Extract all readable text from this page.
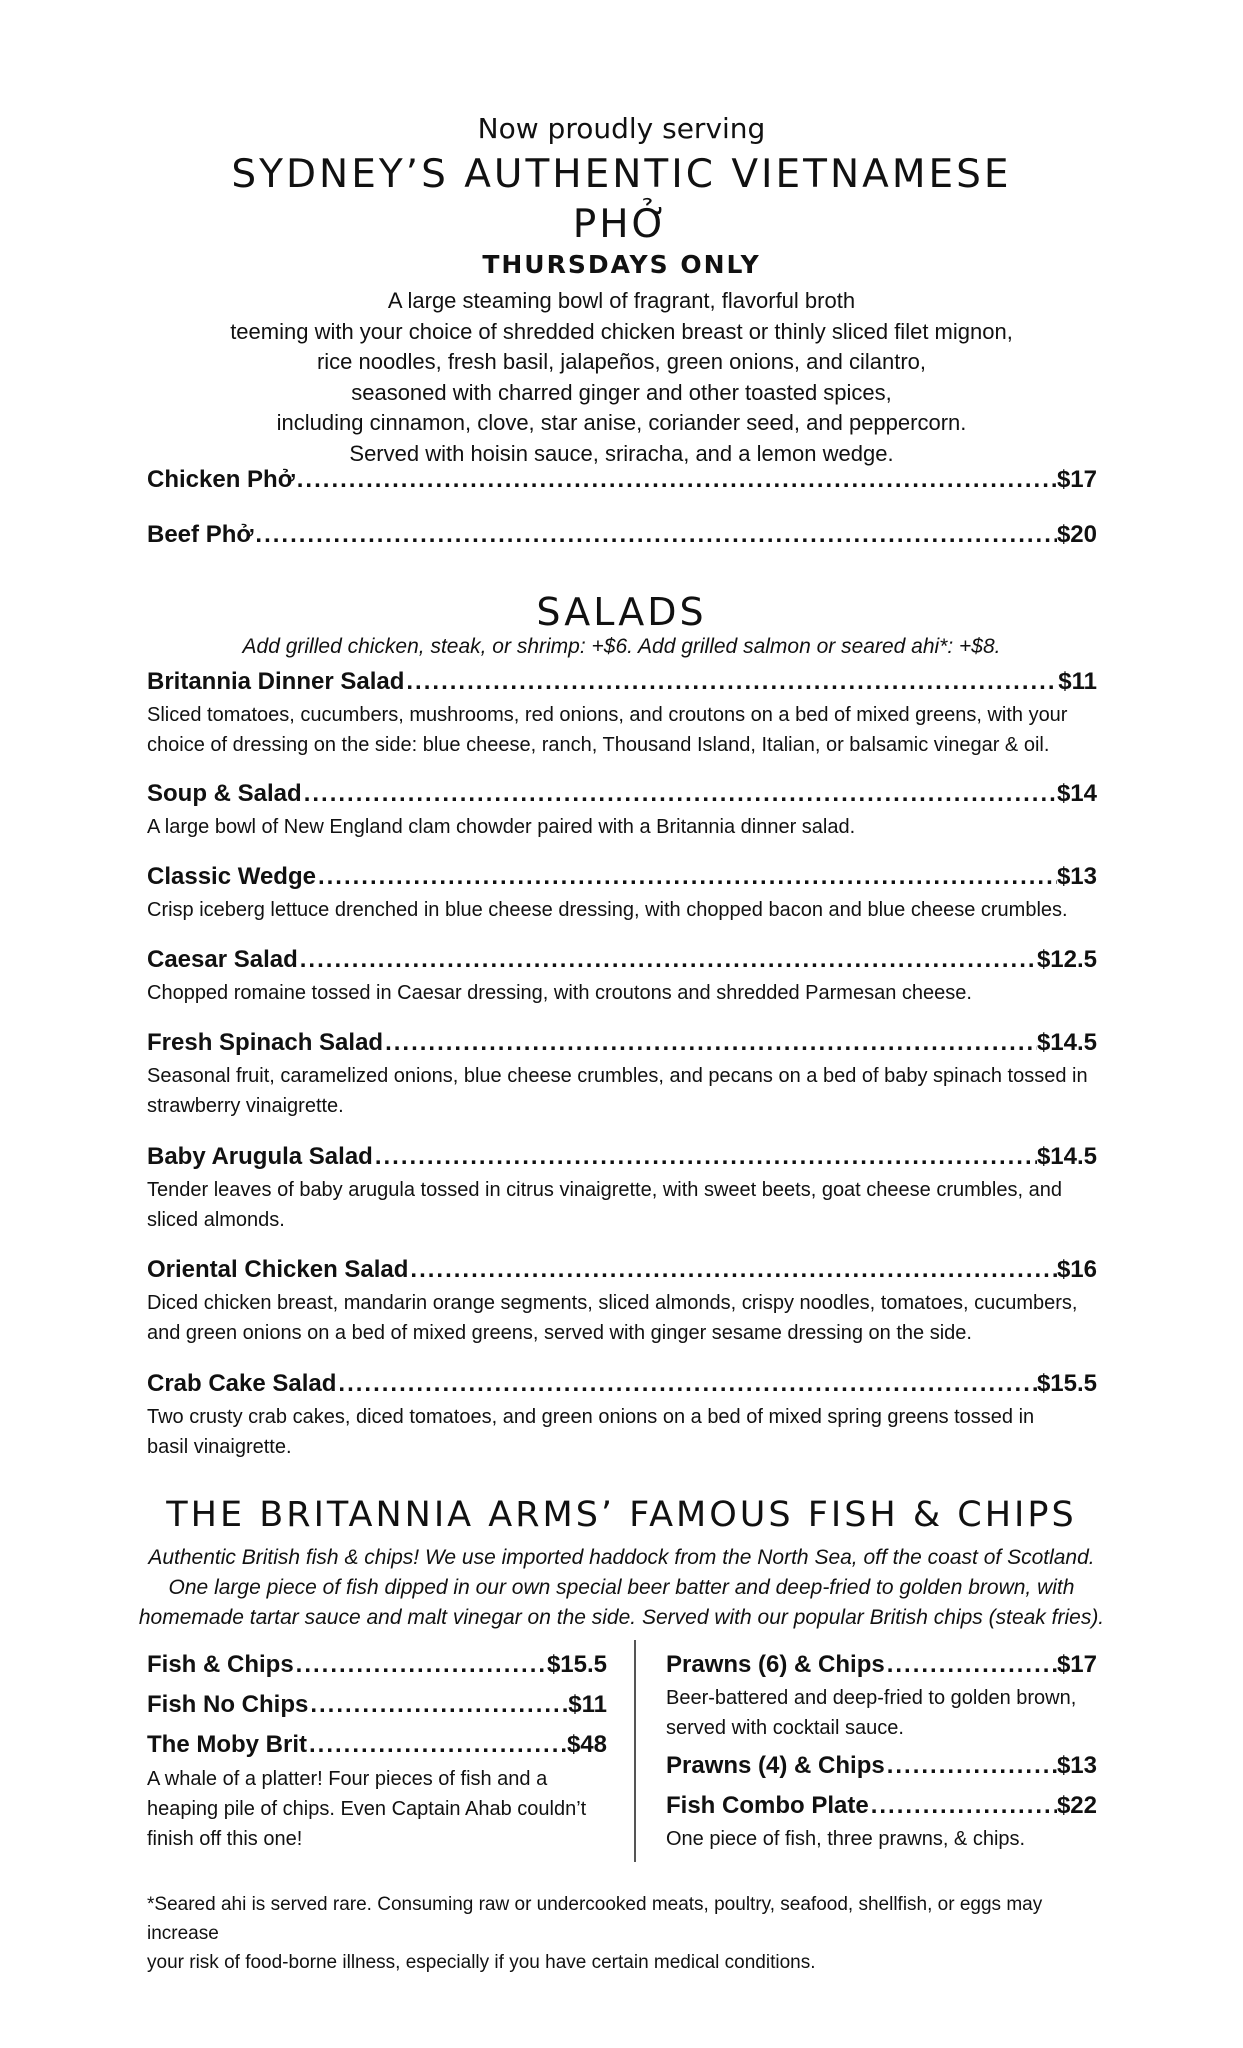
Now proudly serving
SYDNEY’S AUTHENTIC VIETNAMESE
PHỞ
THURSDAYS ONLY
A large steaming bowl of fragrant, flavorful broth
teeming with your choice of shredded chicken breast or thinly sliced filet mignon,
rice noodles, fresh basil, jalapeños, green onions, and cilantro,
seasoned with charred ginger and other toasted spices,
including cinnamon, clove, star anise, coriander seed, and peppercorn.
Served with hoisin sauce, sriracha, and a lemon wedge.
Chicken Phở .....	$17
Beef Phở .....	$20
SALADS
Add grilled chicken, steak, or shrimp: +$6. Add grilled salmon or seared ahi*: +$8.
Britannia Dinner Salad .....	$11
Sliced tomatoes, cucumbers, mushrooms, red onions, and croutons on a bed of mixed greens, with your
choice of dressing on the side: blue cheese, ranch, Thousand Island, Italian, or balsamic vinegar & oil.
Soup & Salad .....	$14
A large bowl of New England clam chowder paired with a Britannia dinner salad.
Classic Wedge .....	$13
Crisp iceberg lettuce drenched in blue cheese dressing, with chopped bacon and blue cheese crumbles.
Caesar Salad .....	$12.5
Chopped romaine tossed in Caesar dressing, with croutons and shredded Parmesan cheese.
Fresh Spinach Salad .....	$14.5
Seasonal fruit, caramelized onions, blue cheese crumbles, and pecans on a bed of baby spinach tossed in
strawberry vinaigrette.
Baby Arugula Salad .....	$14.5
Tender leaves of baby arugula tossed in citrus vinaigrette, with sweet beets, goat cheese crumbles, and
sliced almonds.
Oriental Chicken Salad .....	$16
Diced chicken breast, mandarin orange segments, sliced almonds, crispy noodles, tomatoes, cucumbers,
and green onions on a bed of mixed greens, served with ginger sesame dressing on the side.
Crab Cake Salad .....	$15.5
Two crusty crab cakes, diced tomatoes, and green onions on a bed of mixed spring greens tossed in
basil vinaigrette.
THE BRITANNIA ARMS’ FAMOUS FISH & CHIPS
Authentic British fish & chips! We use imported haddock from the North Sea, off the coast of Scotland.
One large piece of fish dipped in our own special beer batter and deep-fried to golden brown, with
homemade tartar sauce and malt vinegar on the side. Served with our popular British chips (steak fries).
Fish & Chips .....	$15.5
Fish No Chips .....	$11
The Moby Brit .....	$48
A whale of a platter! Four pieces of fish and a
heaping pile of chips. Even Captain Ahab couldn’t
finish off this one!
Prawns (6) & Chips .....	$17
Beer-battered and deep-fried to golden brown,
served with cocktail sauce.
Prawns (4) & Chips .....	$13
Fish Combo Plate .....	$22
One piece of fish, three prawns, & chips.
*Seared ahi is served rare. Consuming raw or undercooked meats, poultry, seafood, shellfish, or eggs may increase
your risk of food-borne illness, especially if you have certain medical conditions.
